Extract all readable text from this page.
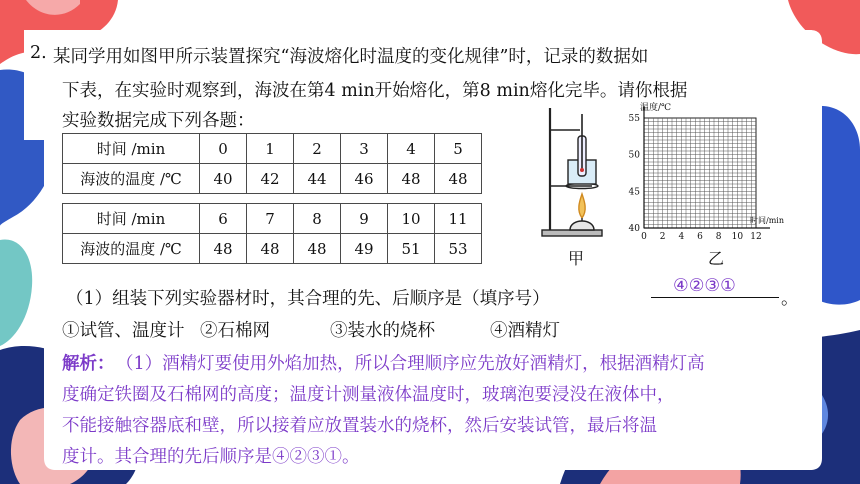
2. 某同学用如图甲所示装置探究“海波熔化时温度的变化规律”时，记录的数据如
下表，在实验时观察到，海波在第4 min开始熔化，第8 min熔化完毕。请你根据
实验数据完成下列各题：
时间 /min	0	1	2	3	4	5
海波的温度 /℃	40	42	44	46	48	48
时间 /min	6	7	8	9	10	11
海波的温度 /℃	48	48	48	49	51	53
甲
温度/℃
时间/min
55
50
45
40
0 2 4 6 8 10 12
乙
（1）组装下列实验器材时，其合理的先、后顺序是（填序号）
④②③①
。
①试管、温度计 ②石棉网	③装水的烧杯	④酒精灯
解析： （1）酒精灯要使用外焰加热，所以合理顺序应先放好酒精灯，根据酒精灯高
度确定铁圈及石棉网的高度；温度计测量液体温度时，玻璃泡要浸没在液体中，
不能接触容器底和壁，所以接着应放置装水的烧杯，然后安装试管，最后将温
度计。其合理的先后顺序是④②③①。
